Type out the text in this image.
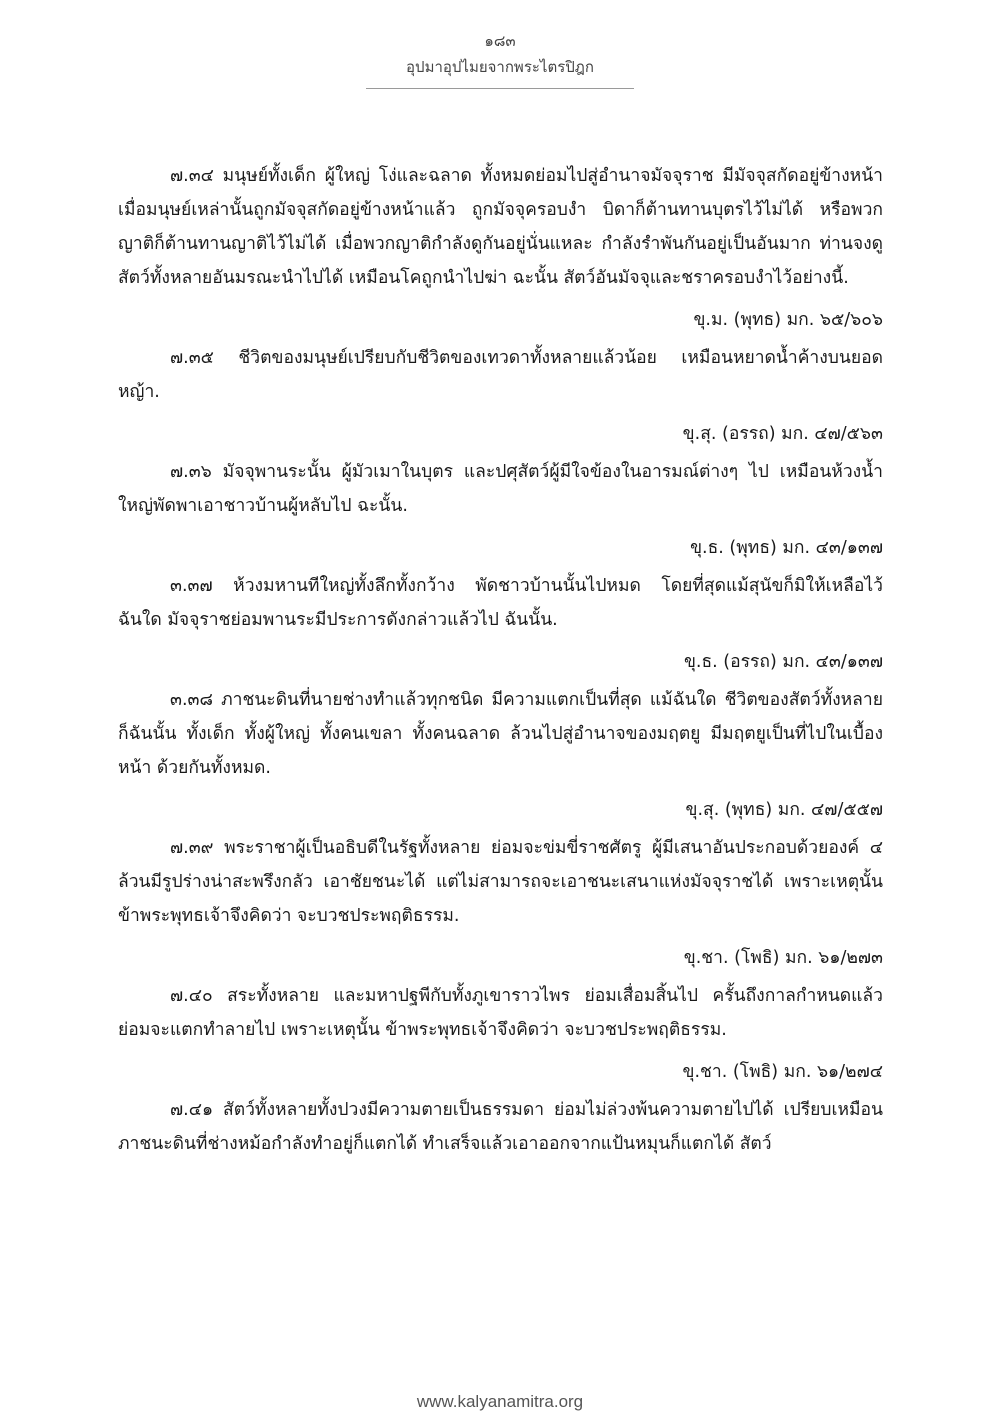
๑๘๓
อุปมาอุปไมยจากพระไตรปิฎก

๗.๓๔ มนุษย์ทั้งเด็ก ผู้ใหญ่ โง่และฉลาด ทั้งหมดย่อมไปสู่อำนาจมัจจุราช มีมัจจุสกัดอยู่ข้างหน้า เมื่อมนุษย์เหล่านั้นถูกมัจจุสกัดอยู่ข้างหน้าแล้ว ถูกมัจจุครอบงำ บิดาก็ต้านทานบุตรไว้ไม่ได้ หรือพวกญาติก็ต้านทานญาติไว้ไม่ได้ เมื่อพวกญาติกำลังดูกันอยู่นั่นแหละ กำลังรำพันกันอยู่เป็นอันมาก ท่านจงดูสัตว์ทั้งหลายอันมรณะนำไปได้ เหมือนโคถูกนำไปฆ่า ฉะนั้น สัตว์อันมัจจุและชราครอบงำไว้อย่างนี้.

ขุ.ม. (พุทธ) มก. ๖๕/๖๐๖

๗.๓๕ ชีวิตของมนุษย์เปรียบกับชีวิตของเทวดาทั้งหลายแล้วน้อย เหมือนหยาดน้ำค้างบนยอดหญ้า.

ขุ.สุ. (อรรถ) มก. ๔๗/๕๖๓

๗.๓๖ มัจจุพานระนั้น ผู้มัวเมาในบุตร และปศุสัตว์ผู้มีใจข้องในอารมณ์ต่างๆ ไป เหมือนห้วงน้ำใหญ่พัดพาเอาชาวบ้านผู้หลับไป ฉะนั้น.

ขุ.ธ. (พุทธ) มก. ๔๓/๑๓๗

๓.๓๗ ห้วงมหานทีใหญ่ทั้งลึกทั้งกว้าง พัดชาวบ้านนั้นไปหมด โดยที่สุดแม้สุนัขก็มิให้เหลือไว้ ฉันใด มัจจุราชย่อมพานระมีประการดังกล่าวแล้วไป ฉันนั้น.

ขุ.ธ. (อรรถ) มก. ๔๓/๑๓๗

๓.๓๘ ภาชนะดินที่นายช่างทำแล้วทุกชนิด มีความแตกเป็นที่สุด แม้ฉันใด ชีวิตของสัตว์ทั้งหลาย ก็ฉันนั้น ทั้งเด็ก ทั้งผู้ใหญ่ ทั้งคนเขลา ทั้งคนฉลาด ล้วนไปสู่อำนาจของมฤตยู มีมฤตยูเป็นที่ไปในเบื้องหน้า ด้วยกันทั้งหมด.

ขุ.สุ. (พุทธ) มก. ๔๗/๕๕๗

๗.๓๙ พระราชาผู้เป็นอธิบดีในรัฐทั้งหลาย ย่อมจะข่มขี่ราชศัตรู ผู้มีเสนาอันประกอบด้วยองค์ ๔ ล้วนมีรูปร่างน่าสะพรึงกลัว เอาชัยชนะได้ แต่ไม่สามารถจะเอาชนะเสนาแห่งมัจจุราชได้ เพราะเหตุนั้น ข้าพระพุทธเจ้าจึงคิดว่า จะบวชประพฤติธรรม.

ขุ.ชา. (โพธิ) มก. ๖๑/๒๗๓

๗.๔๐ สระทั้งหลาย และมหาปฐพีกับทั้งภูเขาราวไพร ย่อมเสื่อมสิ้นไป ครั้นถึงกาลกำหนดแล้ว ย่อมจะแตกทำลายไป เพราะเหตุนั้น ข้าพระพุทธเจ้าจึงคิดว่า จะบวชประพฤติธรรม.

ขุ.ชา. (โพธิ) มก. ๖๑/๒๗๔

๗.๔๑ สัตว์ทั้งหลายทั้งปวงมีความตายเป็นธรรมดา ย่อมไม่ล่วงพ้นความตายไปได้ เปรียบเหมือนภาชนะดินที่ช่างหม้อกำลังทำอยู่ก็แตกได้ ทำเสร็จแล้วเอาออกจากแป้นหมุนก็แตกได้ สัตว์

www.kalyanamitra.org
